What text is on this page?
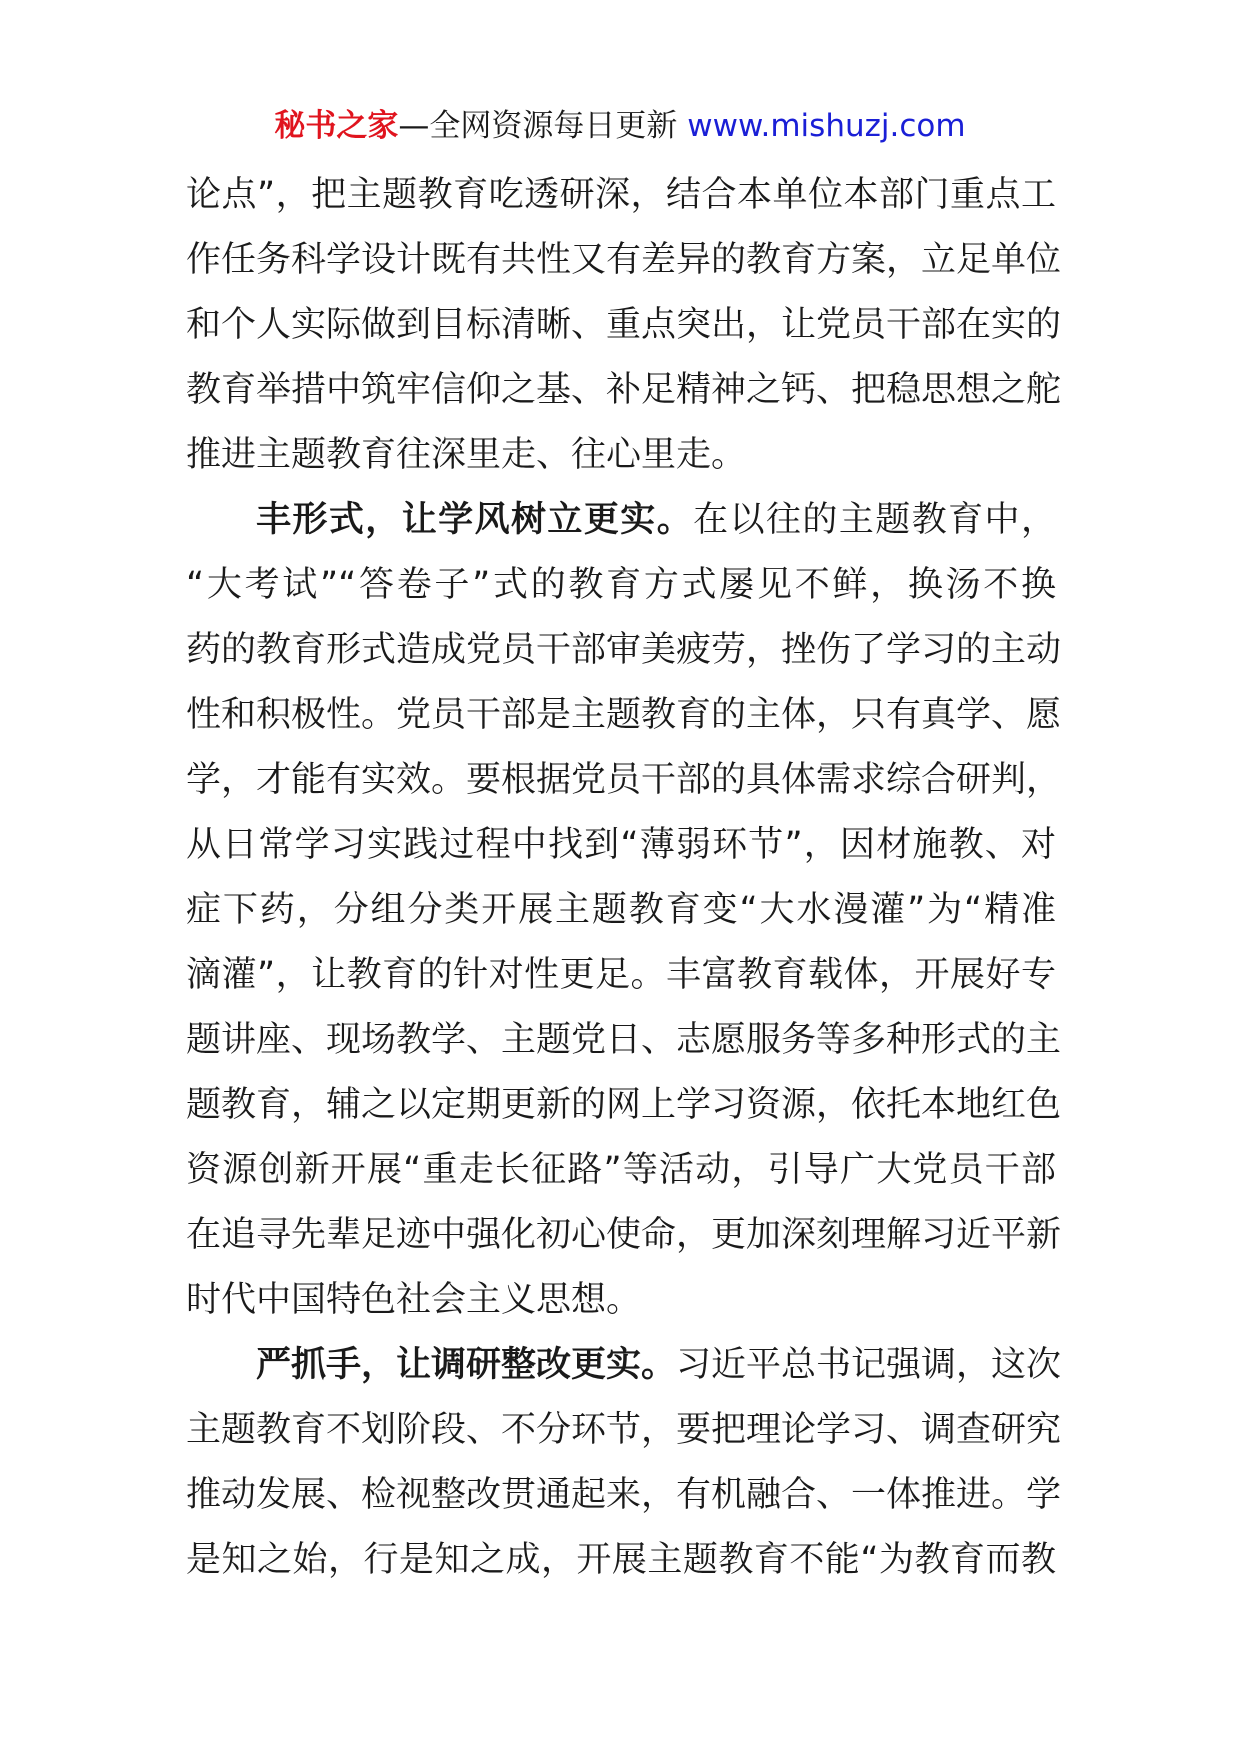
秘书之家—全网资源每日更新 www.mishuzj.com
论点”，把主题教育吃透研深，结合本单位本部门重点工
作任务科学设计既有共性又有差异的教育方案，立足单位
和个人实际做到目标清晰、重点突出，让党员干部在实的
教育举措中筑牢信仰之基、补足精神之钙、把稳思想之舵
推进主题教育往深里走、往心里走。
丰形式，让学风树立更实。在以往的主题教育中，
“大考试”“答卷子”式的教育方式屡见不鲜，换汤不换
药的教育形式造成党员干部审美疲劳，挫伤了学习的主动
性和积极性。党员干部是主题教育的主体，只有真学、愿
学，才能有实效。要根据党员干部的具体需求综合研判，
从日常学习实践过程中找到“薄弱环节”，因材施教、对
症下药，分组分类开展主题教育变“大水漫灌”为“精准
滴灌”，让教育的针对性更足。丰富教育载体，开展好专
题讲座、现场教学、主题党日、志愿服务等多种形式的主
题教育，辅之以定期更新的网上学习资源，依托本地红色
资源创新开展“重走长征路”等活动，引导广大党员干部
在追寻先辈足迹中强化初心使命，更加深刻理解习近平新
时代中国特色社会主义思想。
严抓手，让调研整改更实。习近平总书记强调，这次
主题教育不划阶段、不分环节，要把理论学习、调查研究
推动发展、检视整改贯通起来，有机融合、一体推进。学
是知之始，行是知之成，开展主题教育不能“为教育而教
